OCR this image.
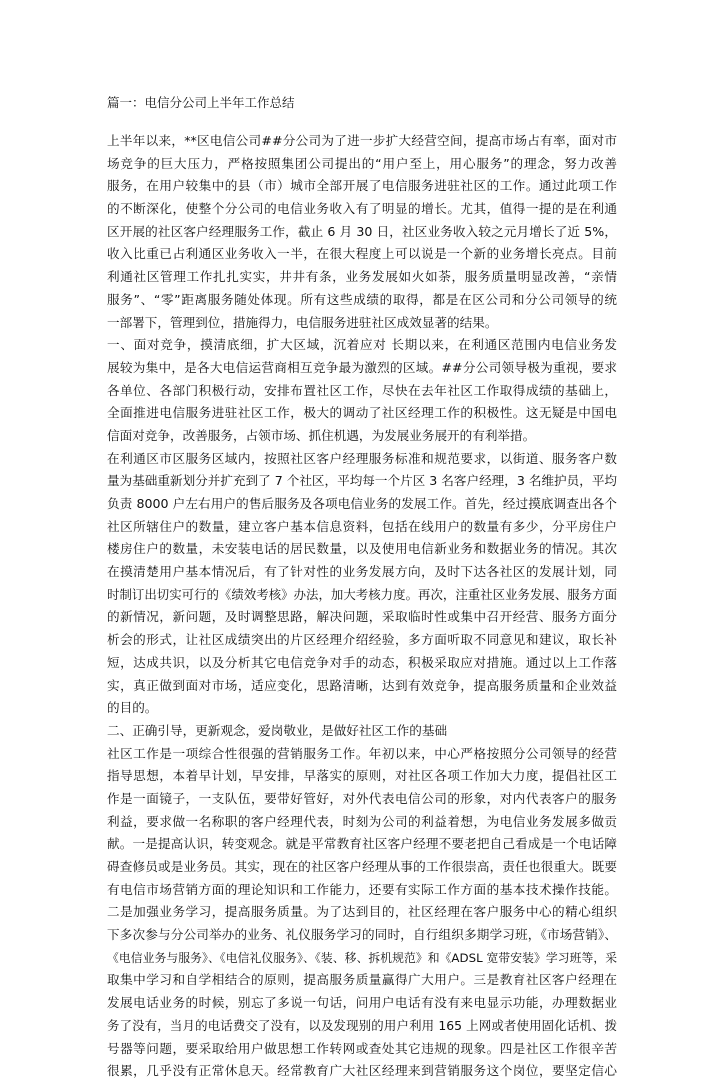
篇一：电信分公司上半年工作总结
上半年以来，**区电信公司##分公司为了进一步扩大经营空间，提高市场占有率，面对市
场竞争的巨大压力，严格按照集团公司提出的“用户至上，用心服务”的理念，努力改善
服务，在用户较集中的县（市）城市全部开展了电信服务进驻社区的工作。通过此项工作
的不断深化，使整个分公司的电信业务收入有了明显的增长。尤其，值得一提的是在利通
区开展的社区客户经理服务工作，截止 6 月 30 日，社区业务收入较之元月增长了近 5%，
收入比重已占利通区业务收入一半，在很大程度上可以说是一个新的业务增长亮点。目前
利通社区管理工作扎扎实实，井井有条，业务发展如火如荼，服务质量明显改善，“亲情
服务”、“零”距离服务随处体现。所有这些成绩的取得，都是在区公司和分公司领导的统
一部署下，管理到位，措施得力，电信服务进驻社区成效显著的结果。
一、面对竞争，摸清底细，扩大区域，沉着应对 长期以来，在利通区范围内电信业务发
展较为集中，是各大电信运营商相互竞争最为激烈的区域。##分公司领导极为重视，要求
各单位、各部门积极行动，安排布置社区工作，尽快在去年社区工作取得成绩的基础上，
全面推进电信服务进驻社区工作，极大的调动了社区经理工作的积极性。这无疑是中国电
信面对竞争，改善服务，占领市场、抓住机遇，为发展业务展开的有利举措。
在利通区市区服务区域内，按照社区客户经理服务标准和规范要求，以街道、服务客户数
量为基础重新划分并扩充到了 7 个社区，平均每一个片区 3 名客户经理，3 名维护员，平均
负责 8000 户左右用户的售后服务及各项电信业务的发展工作。首先，经过摸底调查出各个
社区所辖住户的数量，建立客户基本信息资料，包括在线用户的数量有多少，分平房住户
楼房住户的数量，未安装电话的居民数量，以及使用电信新业务和数据业务的情况。其次
在摸清楚用户基本情况后，有了针对性的业务发展方向，及时下达各社区的发展计划，同
时制订出切实可行的《绩效考核》办法，加大考核力度。再次，注重社区业务发展、服务方面
的新情况，新问题，及时调整思路，解决问题，采取临时性或集中召开经营、服务方面分
析会的形式，让社区成绩突出的片区经理介绍经验，多方面听取不同意见和建议，取长补
短，达成共识，以及分析其它电信竞争对手的动态，积极采取应对措施。通过以上工作落
实，真正做到面对市场，适应变化，思路清晰，达到有效竞争，提高服务质量和企业效益
的目的。
二、正确引导，更新观念，爱岗敬业，是做好社区工作的基础
社区工作是一项综合性很强的营销服务工作。年初以来，中心严格按照分公司领导的经营
指导思想，本着早计划，早安排，早落实的原则，对社区各项工作加大力度，提倡社区工
作是一面镜子，一支队伍，要带好管好，对外代表电信公司的形象，对内代表客户的服务
利益，要求做一名称职的客户经理代表，时刻为公司的利益着想，为电信业务发展多做贡
献。一是提高认识，转变观念。就是平常教育社区客户经理不要老把自己看成是一个电话障
碍查修员或是业务员。其实，现在的社区客户经理从事的工作很崇高，责任也很重大。既要
有电信市场营销方面的理论知识和工作能力，还要有实际工作方面的基本技术操作技能。
二是加强业务学习，提高服务质量。为了达到目的，社区经理在客户服务中心的精心组织
下多次参与分公司举办的业务、礼仪服务学习的同时，自行组织多期学习班，《市场营销》、
《电信业务与服务》、《电信礼仪服务》、《装、移、拆机规范》和《ADSL 宽带安装》学习班等，采
取集中学习和自学相结合的原则，提高服务质量赢得广大用户。三是教育社区客户经理在
发展电话业务的时候，别忘了多说一句话，问用户电话有没有来电显示功能，办理数据业
务了没有，当月的电话费交了没有，以及发现别的用户利用 165 上网或者使用固化话机、拨
号器等问题，要采取给用户做思想工作转网或查处其它违规的现象。四是社区工作很辛苦
很累，几乎没有正常休息天。经常教育广大社区经理来到营销服务这个岗位，要坚定信心
